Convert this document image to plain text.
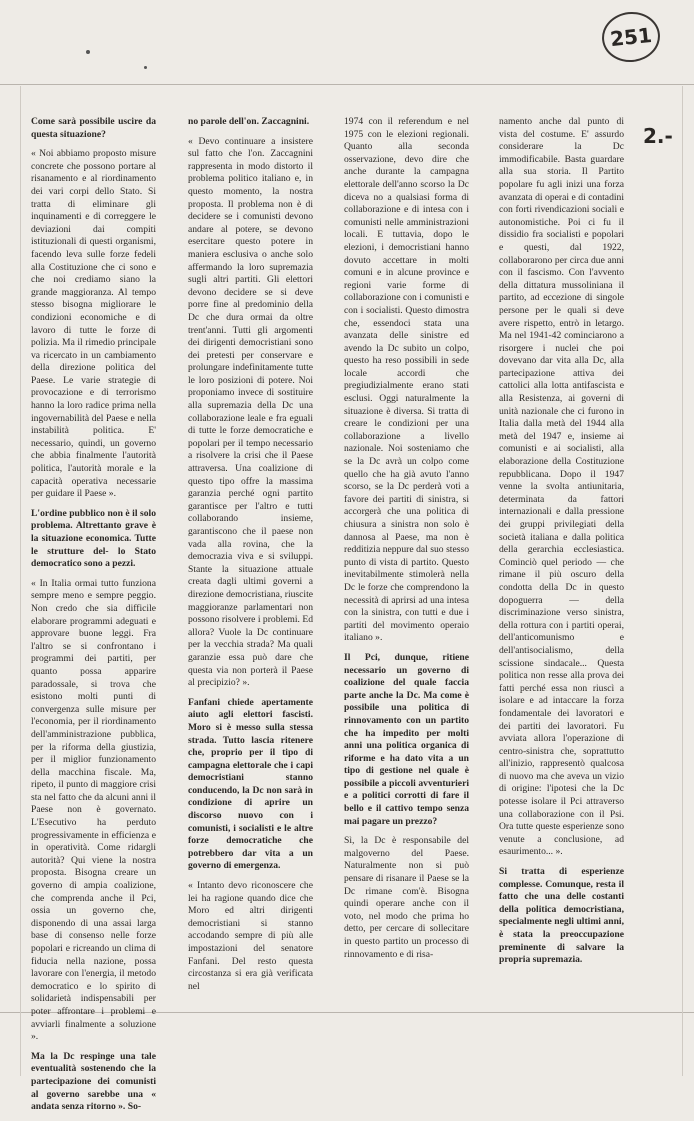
251
2.-

Come sarà possibile uscire da questa situazione?

« Noi abbiamo proposto misure concrete che possono portare al risanamento e al riordinamento dei vari corpi dello Stato. Si tratta di eliminare gli inquinamenti e di correggere le deviazioni dai compiti istituzionali di questi organismi, facendo leva sulle forze fedeli alla Costituzione che ci sono e che noi crediamo siano la grande maggioranza. Al tempo stesso bisogna migliorare le condizioni economiche e di lavoro di tutte le forze di polizia. Ma il rimedio principale va ricercato in un cambiamento della direzione politica del Paese. Le varie strategie di provocazione e di terrorismo hanno la loro radice prima nella ingovernabilità del Paese e nella instabilità politica. E' necessario, quindi, un governo che abbia finalmente l'autorità politica, l'autorità morale e la capacità operativa necessarie per guidare il Paese ».

L'ordine pubblico non è il solo problema. Altrettanto grave è la situazione economica. Tutte le strutture del- lo Stato democratico sono a pezzi.

« In Italia ormai tutto funziona sempre meno e sempre peggio. Non credo che sia difficile elaborare programmi adeguati e approvare buone leggi. Fra l'altro se si confrontano i programmi dei partiti, per quanto possa apparire paradossale, si trova che esistono molti punti di convergenza sulle misure per l'economia, per il riordinamento dell'amministrazione pubblica, per la riforma della giustizia, per il miglior funzionamento della macchina fiscale. Ma, ripeto, il punto di maggiore crisi sta nel fatto che da alcuni anni il Paese non è governato. L'Esecutivo ha perduto progressivamente in efficienza e in operatività. Come ridargli autorità? Qui viene la nostra proposta. Bisogna creare un governo di ampia coalizione, che comprenda anche il Pci, ossia un governo che, disponendo di una assai larga base di consenso nelle forze popolari e ricreando un clima di fiducia nella nazione, possa lavorare con l'energia, il metodo democratico e lo spirito di solidarietà indispensabili per poter affrontare i problemi e avviarli finalmente a soluzione ».

Ma la Dc respinge una tale eventualità sostenendo che la partecipazione dei comunisti al governo sarebbe una « andata senza ritorno ». So-

no parole dell'on. Zaccagnini.

« Devo continuare a insistere sul fatto che l'on. Zaccagnini rappresenta in modo distorto il problema politico italiano e, in questo momento, la nostra proposta. Il problema non è di decidere se i comunisti devono andare al potere, se devono esercitare questo potere in maniera esclusiva o anche solo affermando la loro supremazia sugli altri partiti. Gli elettori devono decidere se si deve porre fine al predominio della Dc che dura ormai da oltre trent'anni. Tutti gli argomenti dei dirigenti democristiani sono dei pretesti per conservare e prolungare indefinitamente tutte le loro posizioni di potere. Noi proponiamo invece di sostituire alla supremazia della Dc una collaborazione leale e fra eguali di tutte le forze democratiche e popolari per il tempo necessario a risolvere la crisi che il Paese attraversa. Una coalizione di questo tipo offre la massima garanzia perché ogni partito garantisce per l'altro e tutti collaborando insieme, garantiscono che il paese non vada alla rovina, che la democrazia viva e si sviluppi. Stante la situazione attuale creata dagli ultimi governi a direzione democristiana, riuscite maggioranze parlamentari non possono risolvere i problemi. Ed allora? Vuole la Dc continuare per la vecchia strada? Ma quali garanzie essa può dare che questa via non porterà il Paese al precipizio? ».

Fanfani chiede apertamente aiuto agli elettori fascisti. Moro si è messo sulla stessa strada. Tutto lascia ritenere che, proprio per il tipo di campagna elettorale che i capi democristiani stanno conducendo, la Dc non sarà in condizione di aprire un discorso nuovo con i comunisti, i socialisti e le altre forze democratiche che potrebbero dar vita a un governo di emergenza.

« Intanto devo riconoscere che lei ha ragione quando dice che Moro ed altri dirigenti democristiani si stanno accodando sempre di più alle impostazioni del senatore Fanfani. Del resto questa circostanza si era già verificata nel

1974 con il referendum e nel 1975 con le elezioni regionali. Quanto alla seconda osservazione, devo dire che anche durante la campagna elettorale dell'anno scorso la Dc diceva no a qualsiasi forma di collaborazione e di intesa con i comunisti nelle amministrazioni locali. E tuttavia, dopo le elezioni, i democristiani hanno dovuto accettare in molti comuni e in alcune province e regioni varie forme di collaborazione con i comunisti e con i socialisti. Questo dimostra che, essendoci stata una avanzata delle sinistre ed avendo la Dc subito un colpo, questo ha reso possibili in sede locale accordi che pregiudizialmente erano stati esclusi. Oggi naturalmente la situazione è diversa. Si tratta di creare le condizioni per una collaborazione a livello nazionale. Noi sosteniamo che se la Dc avrà un colpo come quello che ha già avuto l'anno scorso, se la Dc perderà voti a favore dei partiti di sinistra, si accorgerà che una politica di chiusura a sinistra non solo è dannosa al Paese, ma non è redditizia neppure dal suo stesso punto di vista di partito. Questo inevitabilmente stimolerà nella Dc le forze che comprendono la necessità di aprirsi ad una intesa con la sinistra, con tutti e due i partiti del movimento operaio italiano ».

Il Pci, dunque, ritiene necessario un governo di coalizione del quale faccia parte anche la Dc. Ma come è possibile una politica di rinnovamento con un partito che ha impedito per molti anni una politica organica di riforme e ha dato vita a un tipo di gestione nel quale è possibile a piccoli avventurieri e a politici corrotti di fare il bello e il cattivo tempo senza mai pagare un prezzo?

Sì, la Dc è responsabile del malgoverno del Paese. Naturalmente non si può pensare di risanare il Paese se la Dc rimane com'è. Bisogna quindi operare anche con il voto, nel modo che prima ho detto, per cercare di sollecitare in questo partito un processo di rinnovamento e di risa-

namento anche dal punto di vista del costume. E' assurdo considerare la Dc immodificabile. Basta guardare alla sua storia. Il Partito popolare fu agli inizi una forza avanzata di operai e di contadini con forti rivendicazioni sociali e autonomistiche. Poi ci fu il dissidio fra socialisti e popolari e questi, dal 1922, collaborarono per circa due anni con il fascismo. Con l'avvento della dittatura mussoliniana il partito, ad eccezione di singole persone per le quali si deve avere rispetto, entrò in letargo. Ma nel 1941-42 cominciarono a risorgere i nuclei che poi dovevano dar vita alla Dc, alla partecipazione attiva dei cattolici alla lotta antifascista e alla Resistenza, ai governi di unità nazionale che ci furono in Italia dalla metà del 1944 alla metà del 1947 e, insieme ai comunisti e ai socialisti, alla elaborazione della Costituzione repubblicana. Dopo il 1947 venne la svolta antiunitaria, determinata da fattori internazionali e dalla pressione dei gruppi privilegiati della società italiana e dalla politica della gerarchia ecclesiastica. Cominciò quel periodo — che rimane il più oscuro della condotta della Dc in questo dopoguerra — della discriminazione verso sinistra, della rottura con i partiti operai, dell'anticomunismo e dell'antisocialismo, della scissione sindacale... Questa politica non resse alla prova dei fatti perché essa non riuscì a isolare e ad intaccare la forza fondamentale dei lavoratori e dei partiti dei lavoratori. Fu avviata allora l'operazione di centro-sinistra che, soprattutto all'inizio, rappresentò qualcosa di nuovo ma che aveva un vizio di origine: l'ipotesi che la Dc potesse isolare il Pci attraverso una collaborazione con il Psi. Ora tutte queste esperienze sono venute a conclusione, ad esaurimento... ».

Si tratta di esperienze complesse. Comunque, resta il fatto che una delle costanti della politica democristiana, specialmente negli ultimi anni, è stata la preoccupazione preminente di salvare la propria supremazia.
